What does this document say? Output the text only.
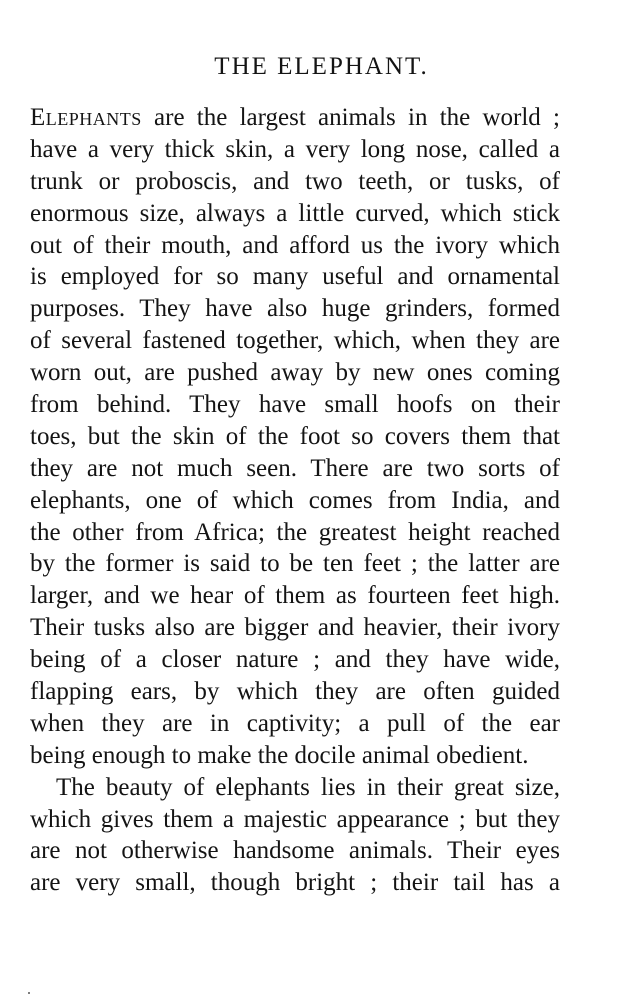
THE ELEPHANT.
Elephants are the largest animals in the world ;
have a very thick skin, a very long nose, called a
trunk or proboscis, and two teeth, or tusks, of
enormous size, always a little curved, which stick
out of their mouth, and afford us the ivory which
is employed for so many useful and ornamental
purposes. They have also huge grinders, formed
of several fastened together, which, when they are
worn out, are pushed away by new ones coming
from behind. They have small hoofs on their
toes, but the skin of the foot so covers them that
they are not much seen. There are two sorts of
elephants, one of which comes from India, and
the other from Africa; the greatest height reached
by the former is said to be ten feet ; the latter are
larger, and we hear of them as fourteen feet high.
Their tusks also are bigger and heavier, their ivory
being of a closer nature ; and they have wide,
flapping ears, by which they are often guided
when they are in captivity; a pull of the ear
being enough to make the docile animal obedient.
The beauty of elephants lies in their great size,
which gives them a majestic appearance ; but they
are not otherwise handsome animals. Their eyes
are very small, though bright ; their tail has a
